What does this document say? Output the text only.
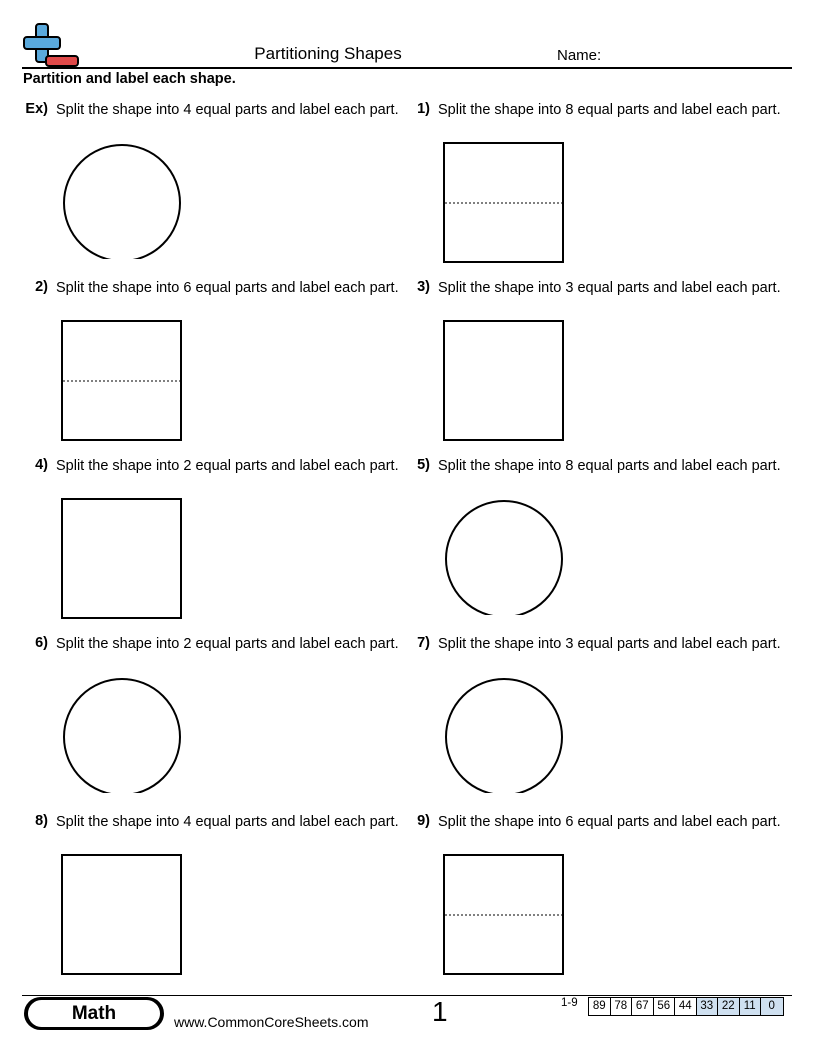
Partitioning Shapes	Name:
Partition and label each shape.
Ex) Split the shape into 4 equal parts and label each part.	1) Split the shape into 8 equal parts and label each part.
2) Split the shape into 6 equal parts and label each part.	3) Split the shape into 3 equal parts and label each part.
4) Split the shape into 2 equal parts and label each part.	5) Split the shape into 8 equal parts and label each part.
6) Split the shape into 2 equal parts and label each part.	7) Split the shape into 3 equal parts and label each part.
8) Split the shape into 4 equal parts and label each part.	9) Split the shape into 6 equal parts and label each part.
Math	www.CommonCoreSheets.com 1	1-9	89 78 67 56 44 33 22 11	0
